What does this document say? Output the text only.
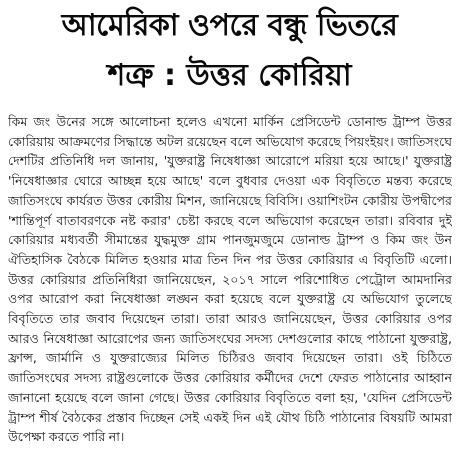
আমেরিকা ওপরে বন্ধু ভিতরে
শত্রু : উত্তর কোরিয়া

কিম জং উনের সঙ্গে আলোচনা হলেও এখনো মার্কিন প্রেসিডেন্ট ডোনাল্ড ট্রাম্প উত্তর কোরিয়ায় আক্রমণের সিদ্ধান্তে অটল রয়েছেন বলে অভিযোগ করেছে পিয়ংইয়ং। জাতিসংঘে দেশটির প্রতিনিধি দল জানায়, 'যুক্তরাষ্ট্র নিষেধাজ্ঞা আরোপে মরিয়া হয়ে আছে।' যুক্তরাষ্ট্র 'নিষেধাজ্ঞার ঘোরে আচ্ছন্ন হয়ে আছে' বলে বুধবার দেওয়া এক বিবৃতিতে মন্তব্য করেছে জাতিসংঘে কার্যরত উত্তর কোরীয় মিশন, জানিয়েছে বিবিসি। ওয়াশিংটন কোরীয় উপদ্বীপের 'শান্তিপূর্ণ বাতাবরণকে নষ্ট করার' চেষ্টা করছে বলে অভিযোগ করেছেন তারা। রবিবার দুই কোরিয়ার মধ্যবর্তী সীমান্তের যুদ্ধমুক্ত গ্রাম পানজুমজুমে ডোনাল্ড ট্রাম্প ও কিম জং উন ঐতিহাসিক বৈঠকে মিলিত হওয়ার মাত্র তিন দিন পর উত্তর কোরিয়ার এ বিবৃতিটি এলো। উত্তর কোরিয়ার প্রতিনিধিরা জানিয়েছেন, ২০১৭ সালে পরিশোধিত পেট্রোল আমদানির ওপর আরোপ করা নিষেধাজ্ঞা লঙ্ঘন করা হয়েছে বলে যুক্তরাষ্ট্র যে অভিযোগ তুলেছে বিবৃতিতে তার জবাব দিয়েছেন তারা। তারা আরও জানিয়েছেন, উত্তর কোরিয়ার ওপর আরও নিষেধাজ্ঞা আরোপের জন্য জাতিসংঘের সদস্য দেশগুলোর কাছে পাঠানো যুক্তরাষ্ট্র, ফ্রান্স, জার্মানি ও যুক্তরাজ্যের মিলিত চিঠিরও জবাব দিয়েছেন তারা। ওই চিঠিতে জাতিসংঘের সদস্য রাষ্ট্রগুলোকে উত্তর কোরিয়ার কর্মীদের দেশে ফেরত পাঠানোর আহ্বান জানানো হয়েছে বলে জানা গেছে। উত্তর কোরিয়ার বিবৃতিতে বলা হয়, 'যেদিন প্রেসিডেন্ট ট্রাম্প শীর্ষ বৈঠকের প্রস্তাব দিচ্ছেন সেই একই দিন এই যৌথ চিঠি পাঠানোর বিষয়টি আমরা উপেক্ষা করতে পারি না।
